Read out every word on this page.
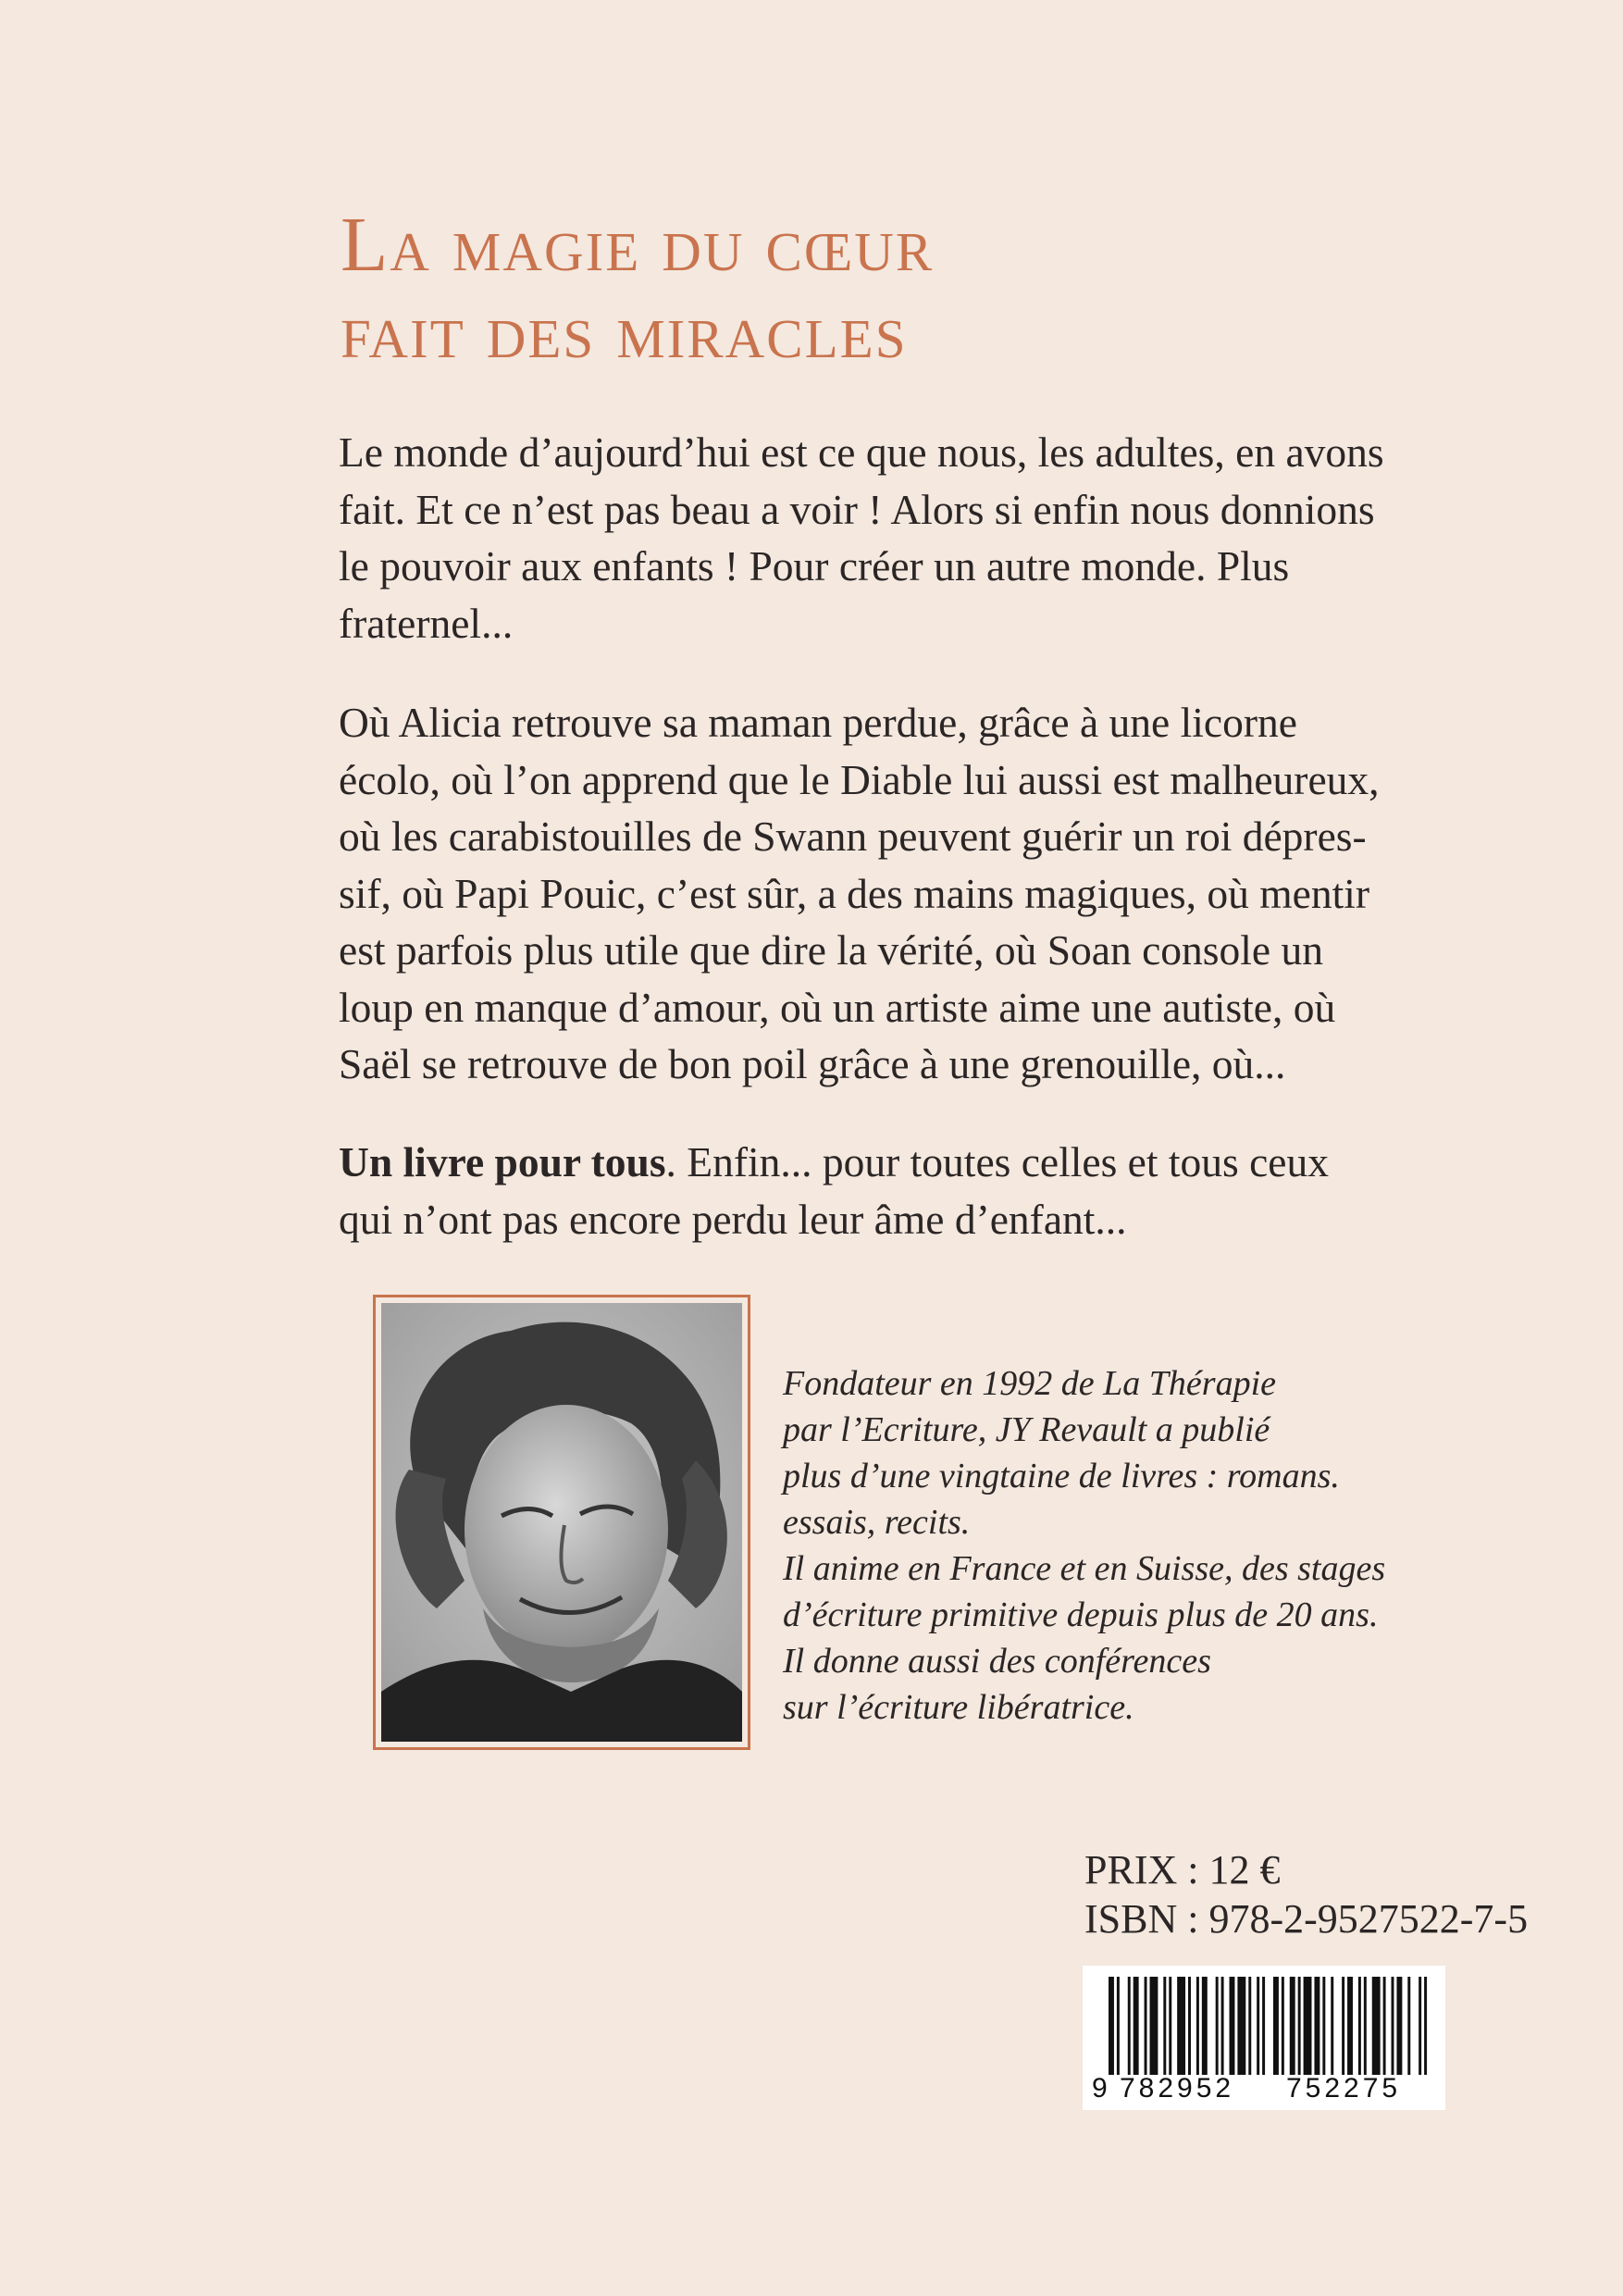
La magie du cœur
fait des miracles
Le monde d’aujourd’hui est ce que nous, les adultes, en avons
fait. Et ce n’est pas beau a voir ! Alors si enfin nous donnions
le pouvoir aux enfants ! Pour créer un autre monde. Plus
fraternel...
Où Alicia retrouve sa maman perdue, grâce à une licorne
écolo, où l’on apprend que le Diable lui aussi est malheureux,
où les carabistouilles de Swann peuvent guérir un roi dépres-
sif, où Papi Pouic, c’est sûr, a des mains magiques, où mentir
est parfois plus utile que dire la vérité, où Soan console un
loup en manque d’amour, où un artiste aime une autiste, où
Saël se retrouve de bon poil grâce à une grenouille, où...
Un livre pour tous. Enfin... pour toutes celles et tous ceux
qui n’ont pas encore perdu leur âme d’enfant...
Fondateur en 1992 de La Thérapie
par l’Ecriture, JY Revault a publié
plus d’une vingtaine de livres : romans.
essais, recits.
Il anime en France et en Suisse, des stages
d’écriture primitive depuis plus de 20 ans.
Il donne aussi des conférences
sur l’écriture libératrice.
PRIX : 12 €
ISBN : 978-2-9527522-7-5
9 782952 752275
